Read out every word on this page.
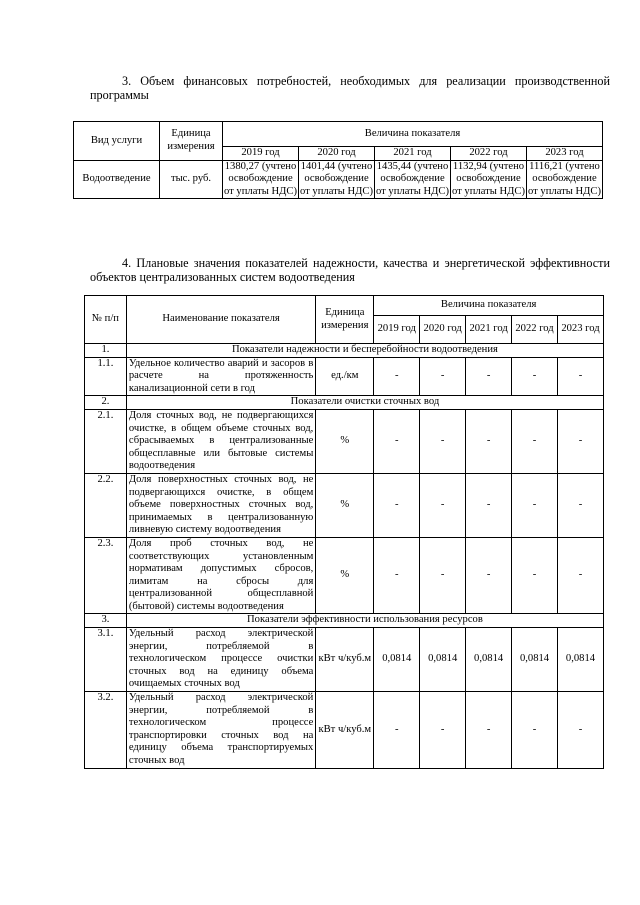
3. Объем финансовых потребностей, необходимых для реализации производственной программы
Вид услуги	Единица измерения	Величина показателя				
		2019 год	2020 год	2021 год	2022 год	2023 год
Водоотведение	тыс. руб.	1380,27 (учтено освобождение от уплаты НДС)	1401,44 (учтено освобождение от уплаты НДС)	1435,44 (учтено освобождение от уплаты НДС)	1132,94 (учтено освобождение от уплаты НДС)	1116,21 (учтено освобождение от уплаты НДС)
4. Плановые значения показателей надежности, качества и энергетической эффективности объектов централизованных систем водоотведения
№ п/п	Наименование показателя	Единица измерения	Величина показателя				
			2019 год	2020 год	2021 год	2022 год	2023 год
1.	Показатели надежности и бесперебойности водоотведения						
1.1.	Удельное количество аварий и засоров в расчете на протяженность канализационной сети в год	ед./км	-	-	-	-	-
2.	Показатели очистки сточных вод						
2.1.	Доля сточных вод, не подвергающихся очистке, в общем объеме сточных вод, сбрасываемых в централизованные общесплавные или бытовые системы водоотведения	%	-	-	-	-	-
2.2.	Доля поверхностных сточных вод, не подвергающихся очистке, в общем объеме поверхностных сточных вод, принимаемых в централизованную ливневую систему водоотведения	%	-	-	-	-	-
2.3.	Доля проб сточных вод, не соответствующих установленным нормативам допустимых сбросов, лимитам на сбросы для централизованной общесплавной (бытовой) системы водоотведения	%	-	-	-	-	-
3.	Показатели эффективности использования ресурсов						
3.1.	Удельный расход электрической энергии, потребляемой в технологическом процессе очистки сточных вод на единицу объема очищаемых сточных вод	кВт ч/куб.м	0,0814	0,0814	0,0814	0,0814	0,0814
3.2.	Удельный расход электрической энергии, потребляемой в технологическом процессе транспортировки сточных вод на единицу объема транспортируемых сточных вод	кВт ч/куб.м	-	-	-	-	-
